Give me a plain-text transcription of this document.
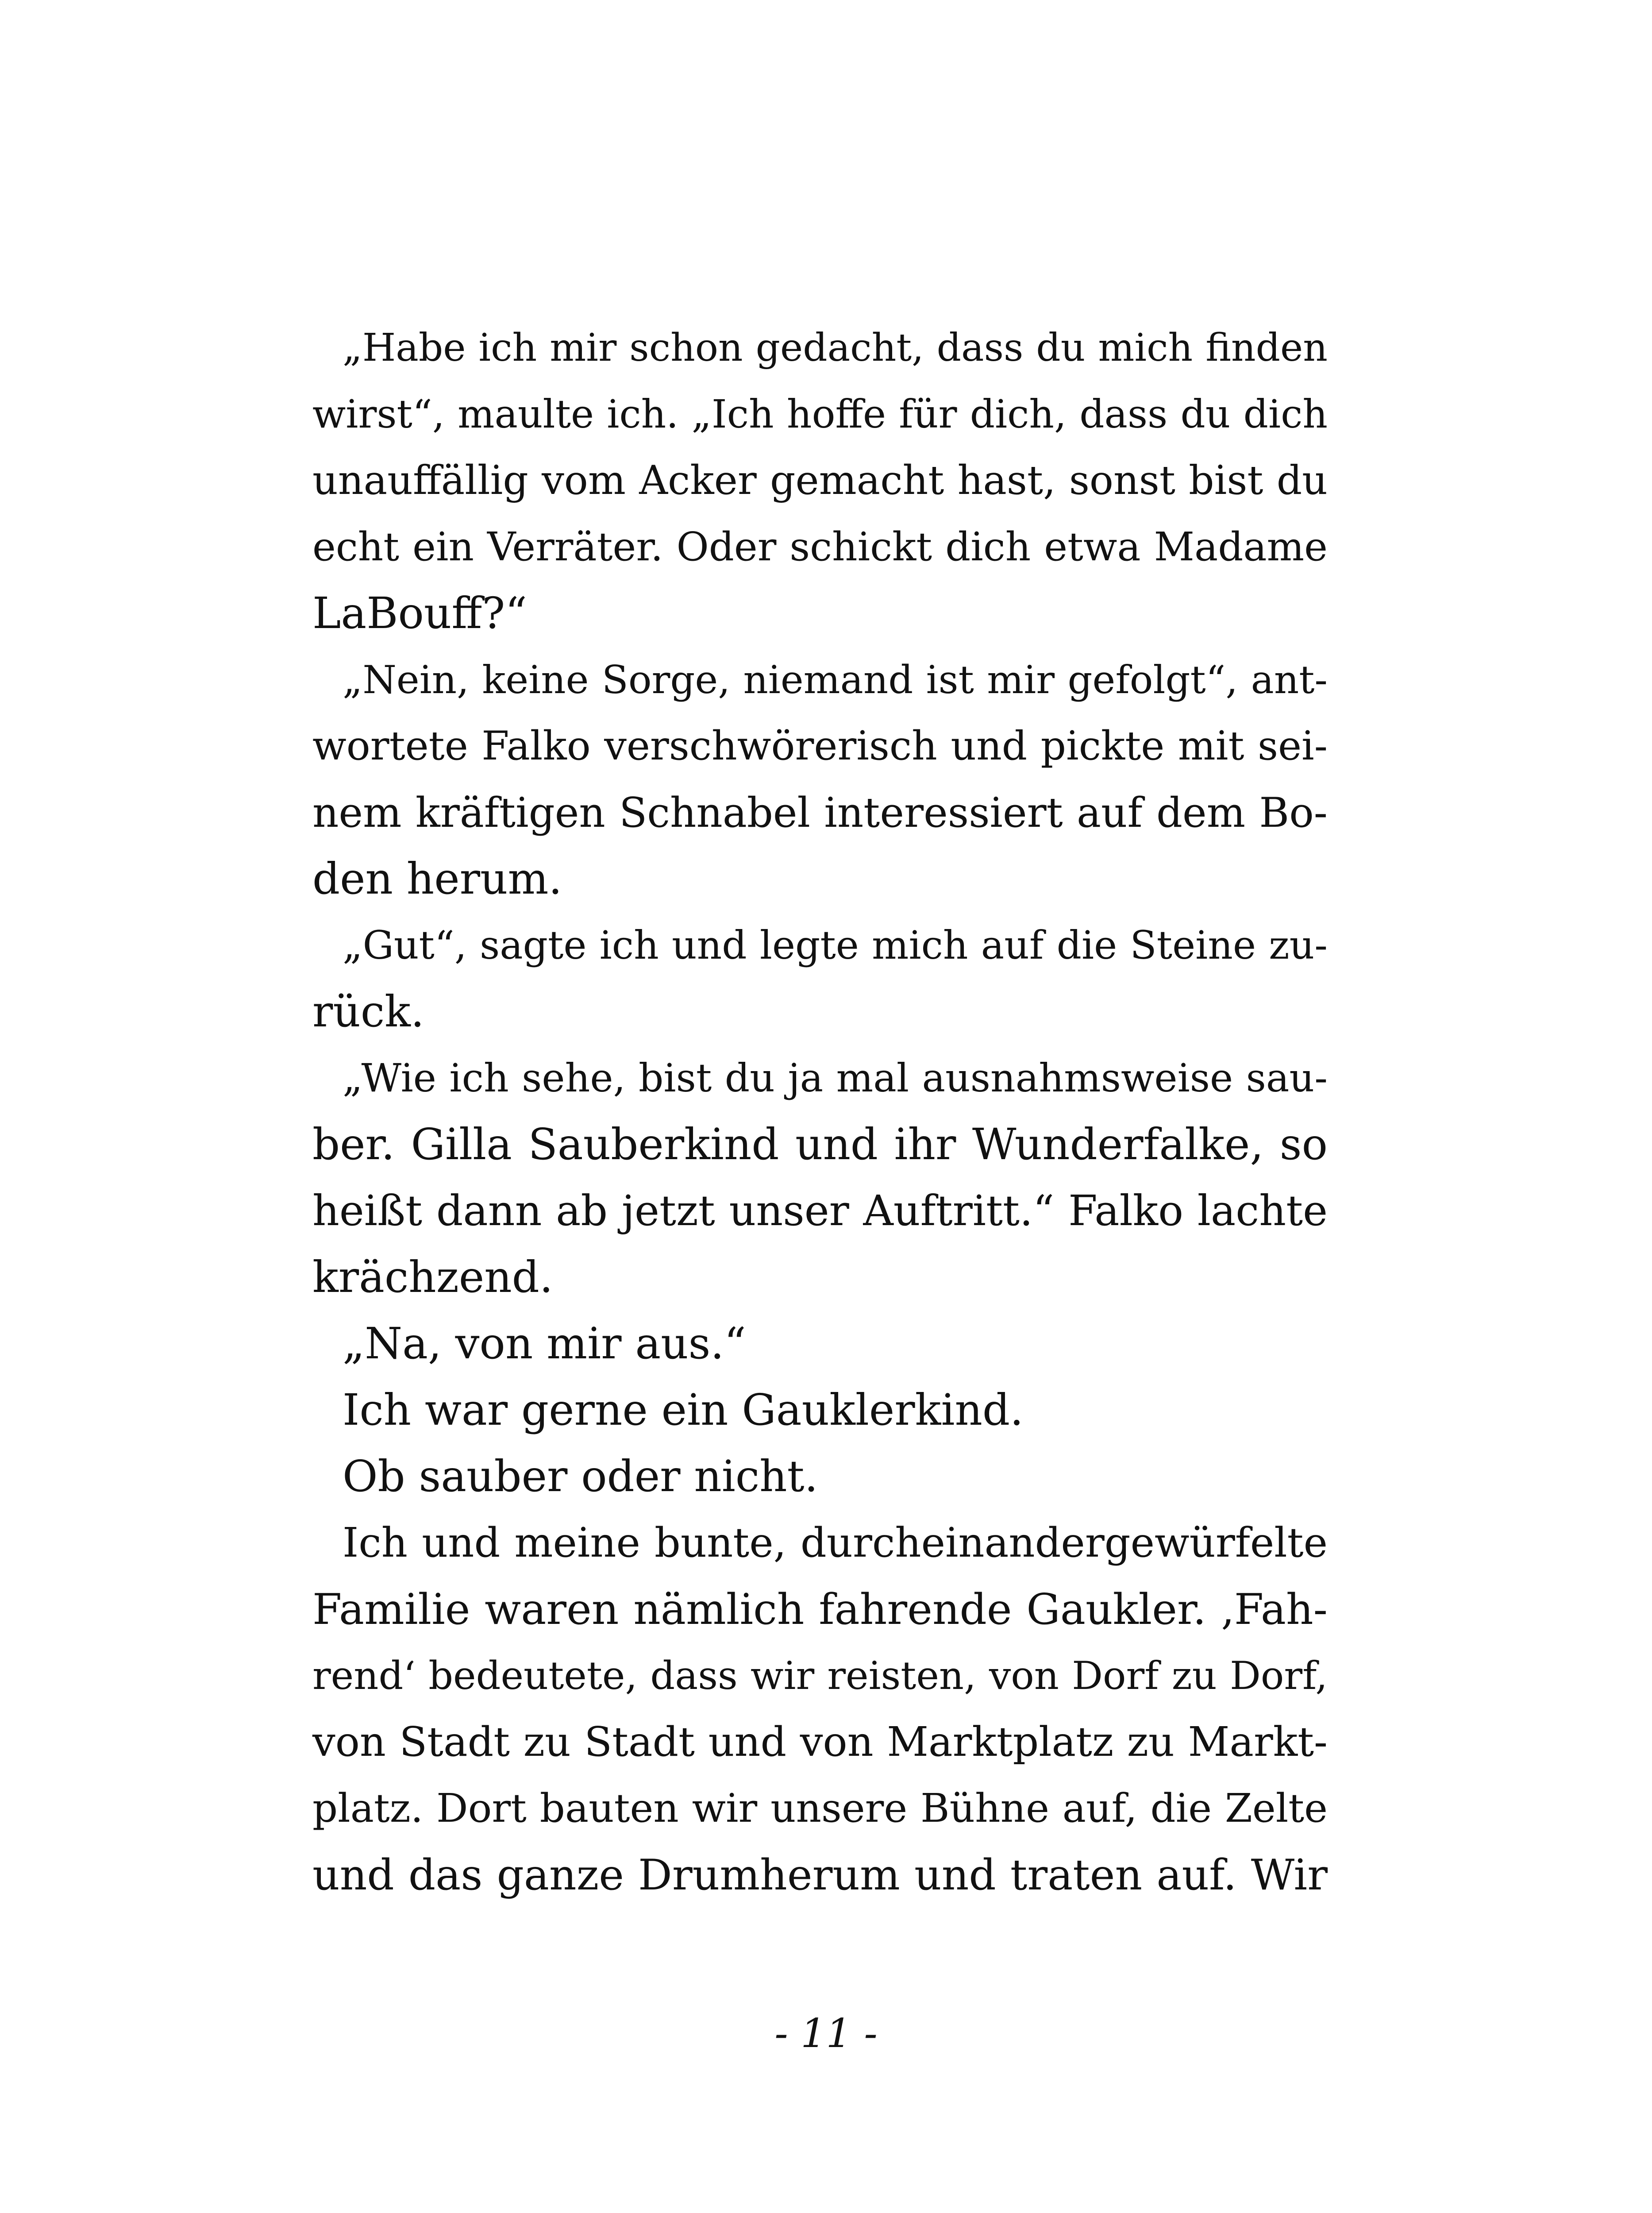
„Habe ich mir schon gedacht, dass du mich finden
wirst“, maulte ich. „Ich hoffe für dich, dass du dich
unauffällig vom Acker gemacht hast, sonst bist du
echt ein Verräter. Oder schickt dich etwa Madame
LaBouff?“
„Nein, keine Sorge, niemand ist mir gefolgt“, ant-
wortete Falko verschwörerisch und pickte mit sei-
nem kräftigen Schnabel interessiert auf dem Bo-
den herum.
„Gut“, sagte ich und legte mich auf die Steine zu-
rück.
„Wie ich sehe, bist du ja mal ausnahmsweise sau-
ber. Gilla Sauberkind und ihr Wunderfalke, so
heißt dann ab jetzt unser Auftritt.“ Falko lachte
krächzend.
„Na, von mir aus.“
Ich war gerne ein Gauklerkind.
Ob sauber oder nicht.
Ich und meine bunte, durcheinandergewürfelte
Familie waren nämlich fahrende Gaukler. ‚Fah-
rend‘ bedeutete, dass wir reisten, von Dorf zu Dorf,
von Stadt zu Stadt und von Marktplatz zu Markt-
platz. Dort bauten wir unsere Bühne auf, die Zelte
und das ganze Drumherum und traten auf. Wir
- 11 -
